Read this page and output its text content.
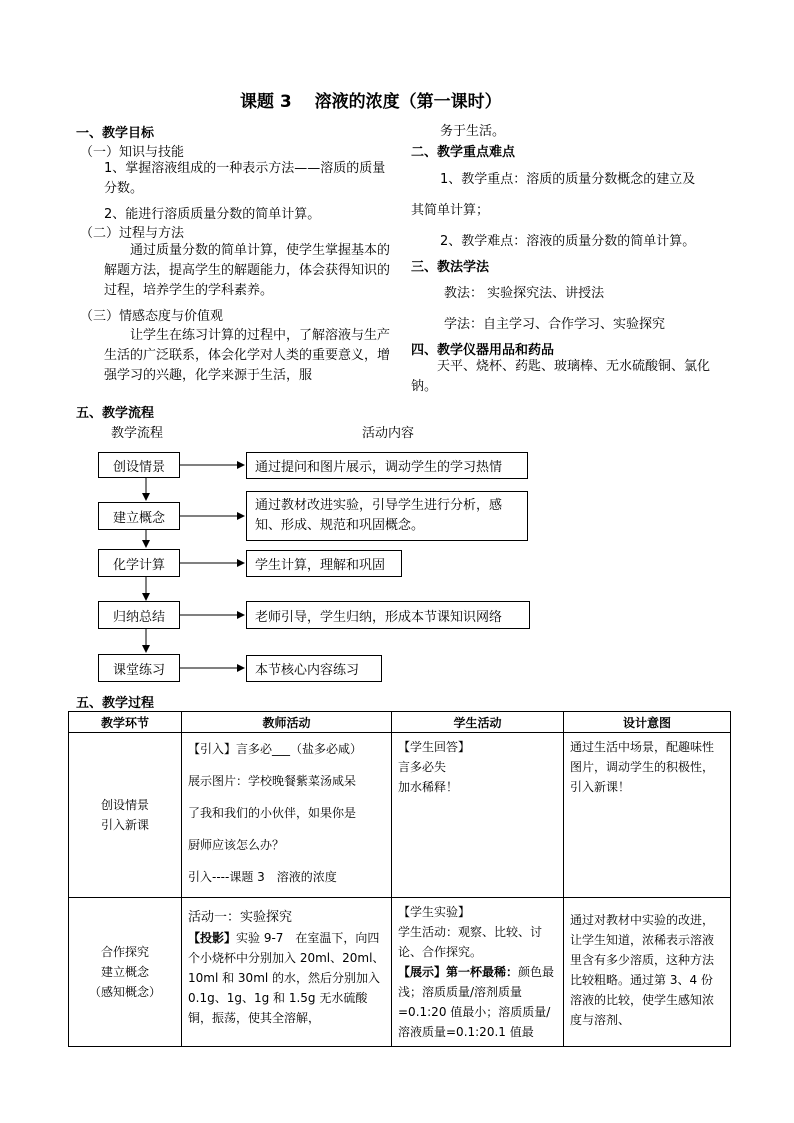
课题 3　 溶液的浓度（第一课时）
一、教学目标
（一）知识与技能
1、掌握溶液组成的一种表示方法——溶质的质量分数。
2、能进行溶质质量分数的简单计算。
（二）过程与方法
通过质量分数的简单计算，使学生掌握基本的解题方法，提高学生的解题能力，体会获得知识的过程，培养学生的学科素养。
（三）情感态度与价值观
让学生在练习计算的过程中，了解溶液与生产生活的广泛联系，体会化学对人类的重要意义，增强学习的兴趣，化学来源于生活，服
务于生活。
二、教学重点难点
1、教学重点：溶质的质量分数概念的建立及
其简单计算；
2、教学难点：溶液的质量分数的简单计算。
三、教法学法
教法： 实验探究法、讲授法
学法：自主学习、合作学习、实验探究
四、教学仪器用品和药品
天平、烧杯、药匙、玻璃棒、无水硫酸铜、氯化钠。
五、教学流程
教学流程	活动内容
创设情景
建立概念
化学计算
归纳总结
课堂练习
通过提问和图片展示，调动学生的学习热情
通过教材改进实验，引导学生进行分析，感知、形成、规范和巩固概念。
学生计算，理解和巩固
老师引导，学生归纳，形成本节课知识网络
本节核心内容练习
五、教学过程
教学环节	教师活动	学生活动	设计意图

创设情景
引入新课	【引入】言多必___（盐多必咸）
展示图片：学校晚餐紫菜汤咸呆
了我和我们的小伙伴，如果你是
厨师应该怎么办？
引入----课题 3　溶液的浓度	【学生回答】
言多必失
加水稀释！	通过生活中场景，配趣味性图片，调动学生的积极性，引入新课！

合作探究
建立概念
（感知概念）	活动一：实验探究
【投影】实验 9-7　在室温下，向四个小烧杯中分别加入 20ml、20ml、10ml 和 30ml 的水，然后分别加入 0.1g、1g、1g 和 1.5g 无水硫酸铜，振荡，使其全溶解，	【学生实验】
学生活动：观察、比较、讨论、合作探究。
【展示】第一杯最稀：颜色最浅；溶质质量/溶剂质量=0.1:20 值最小；溶质质量/溶液质量=0.1:20.1 值最	通过对教材中实验的改进，让学生知道，浓稀表示溶液里含有多少溶质，这种方法比较粗略。通过第 3、4 份溶液的比较，使学生感知浓度与溶剂、
